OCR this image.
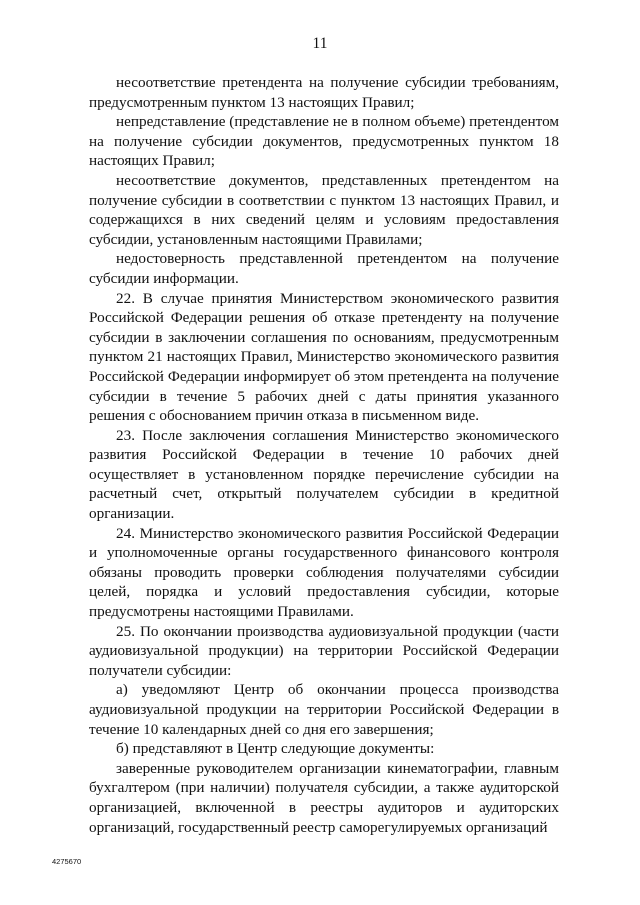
11

несоответствие претендента на получение субсидии требованиям, предусмотренным пунктом 13 настоящих Правил;

непредставление (представление не в полном объеме) претендентом на получение субсидии документов, предусмотренных пунктом 18 настоящих Правил;

несоответствие документов, представленных претендентом на получение субсидии в соответствии с пунктом 13 настоящих Правил, и содержащихся в них сведений целям и условиям предоставления субсидии, установленным настоящими Правилами;

недостоверность представленной претендентом на получение субсидии информации.

22. В случае принятия Министерством экономического развития Российской Федерации решения об отказе претенденту на получение субсидии в заключении соглашения по основаниям, предусмотренным пунктом 21 настоящих Правил, Министерство экономического развития Российской Федерации информирует об этом претендента на получение субсидии в течение 5 рабочих дней с даты принятия указанного решения с обоснованием причин отказа в письменном виде.

23. После заключения соглашения Министерство экономического развития Российской Федерации в течение 10 рабочих дней осуществляет в установленном порядке перечисление субсидии на расчетный счет, открытый получателем субсидии в кредитной организации.

24. Министерство экономического развития Российской Федерации и уполномоченные органы государственного финансового контроля обязаны проводить проверки соблюдения получателями субсидии целей, порядка и условий предоставления субсидии, которые предусмотрены настоящими Правилами.

25. По окончании производства аудиовизуальной продукции (части аудиовизуальной продукции) на территории Российской Федерации получатели субсидии:

а) уведомляют Центр об окончании процесса производства аудиовизуальной продукции на территории Российской Федерации в течение 10 календарных дней со дня его завершения;

б) представляют в Центр следующие документы:

заверенные руководителем организации кинематографии, главным бухгалтером (при наличии) получателя субсидии, а также аудиторской организацией, включенной в реестры аудиторов и аудиторских организаций, государственный реестр саморегулируемых организаций

4275670
